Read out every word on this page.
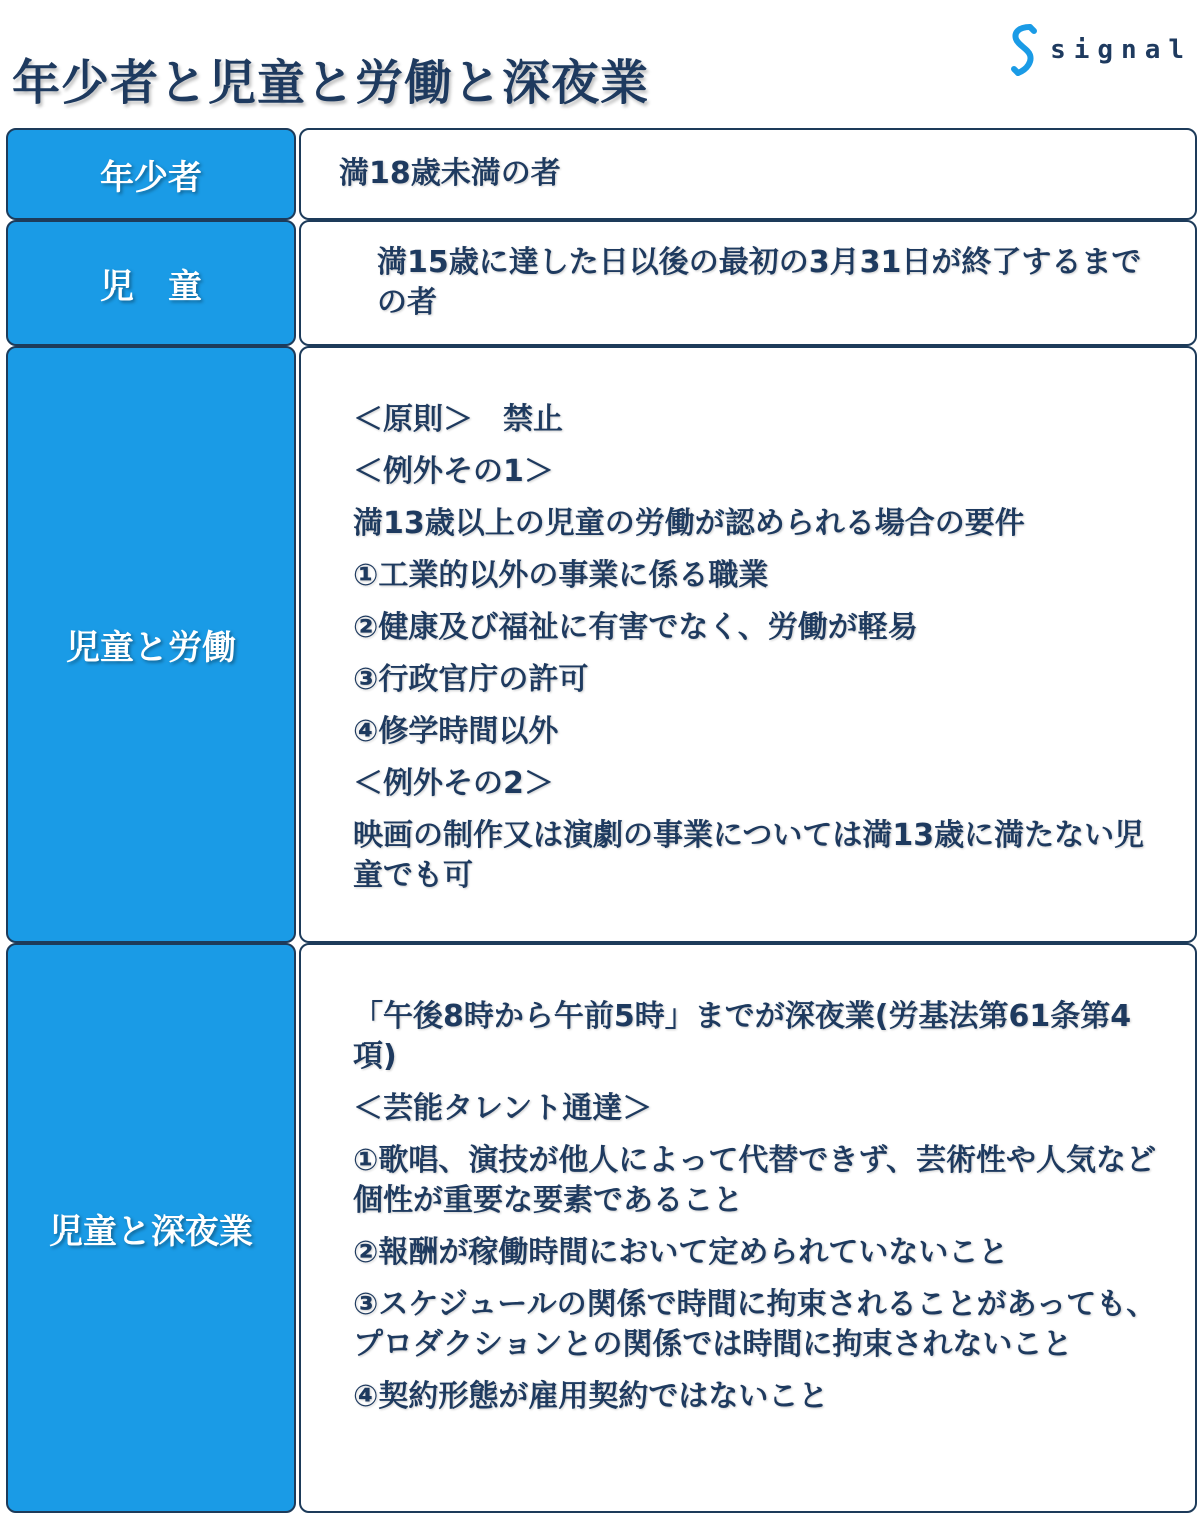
年少者と児童と労働と深夜業
signal
年少者	満18歳未満の者
児　童

満15歳に達した日以後の最初の3月31日が終了するまでの者

児童と労働

＜原則＞　禁止

＜例外その1＞

満13歳以上の児童の労働が認められる場合の要件

①工業的以外の事業に係る職業

②健康及び福祉に有害でなく、労働が軽易

③行政官庁の許可

④修学時間以外

＜例外その2＞

映画の制作又は演劇の事業については満13歳に満たない児童でも可

児童と深夜業

「午後8時から午前5時」までが深夜業(労基法第61条第4項)

＜芸能タレント通達＞

①歌唱、演技が他人によって代替できず、芸術性や人気など個性が重要な要素であること

②報酬が稼働時間において定められていないこと

③スケジュールの関係で時間に拘束されることがあっても、プロダクションとの関係では時間に拘束されないこと

④契約形態が雇用契約ではないこと
